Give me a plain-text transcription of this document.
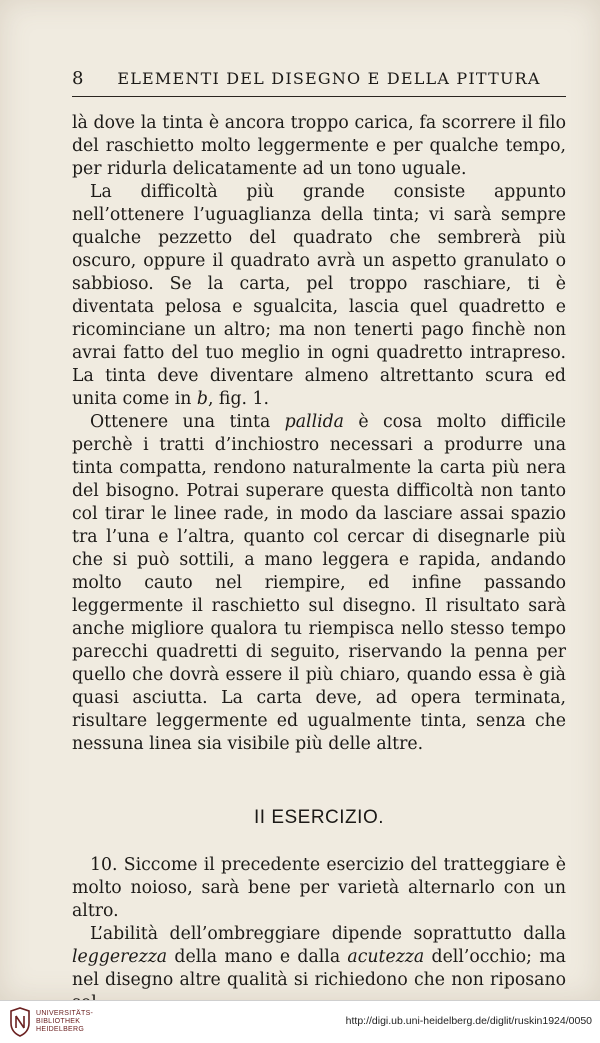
8	ELEMENTI DEL DISEGNO E DELLA PITTURA

là dove la tinta è ancora troppo carica, fa scorrere il filo del raschietto molto leggermente e per qualche tempo, per ridurla delicatamente ad un tono uguale.

La difficoltà più grande consiste appunto nell’ottenere l’uguaglianza della tinta; vi sarà sempre qualche pezzetto del quadrato che sembrerà più oscuro, oppure il quadrato avrà un aspetto granulato o sabbioso. Se la carta, pel troppo raschiare, ti è diventata pelosa e sgualcita, lascia quel quadretto e ricominciane un altro; ma non tenerti pago finchè non avrai fatto del tuo meglio in ogni quadretto intrapreso. La tinta deve diventare almeno altrettanto scura ed unita come in b, fig. 1.

Ottenere una tinta pallida è cosa molto difficile perchè i tratti d’inchiostro necessari a produrre una tinta compatta, rendono naturalmente la carta più nera del bisogno. Potrai superare questa difficoltà non tanto col tirar le linee rade, in modo da lasciare assai spazio tra l’una e l’altra, quanto col cercar di disegnarle più che si può sottili, a mano leggera e rapida, andando molto cauto nel riempire, ed infine passando leggermente il raschietto sul disegno. Il risultato sarà anche migliore qualora tu riempisca nello stesso tempo parecchi quadretti di seguito, riservando la penna per quello che dovrà essere il più chiaro, quando essa è già quasi asciutta. La carta deve, ad opera terminata, risultare leggermente ed ugualmente tinta, senza che nessuna linea sia visibile più delle altre.

II ESERCIZIO.

10. Siccome il precedente esercizio del tratteggiare è molto noioso, sarà bene per varietà alternarlo con un altro.

L’abilità dell’ombreggiare dipende soprattutto dalla leggerezza della mano e dalla acutezza dell’occhio; ma nel disegno altre qualità si richiedono che non riposano

UNIVERSITÄTS-
BIBLIOTHEK
HEIDELBERG
http://digi.ub.uni-heidelberg.de/diglit/ruskin1924/0050
